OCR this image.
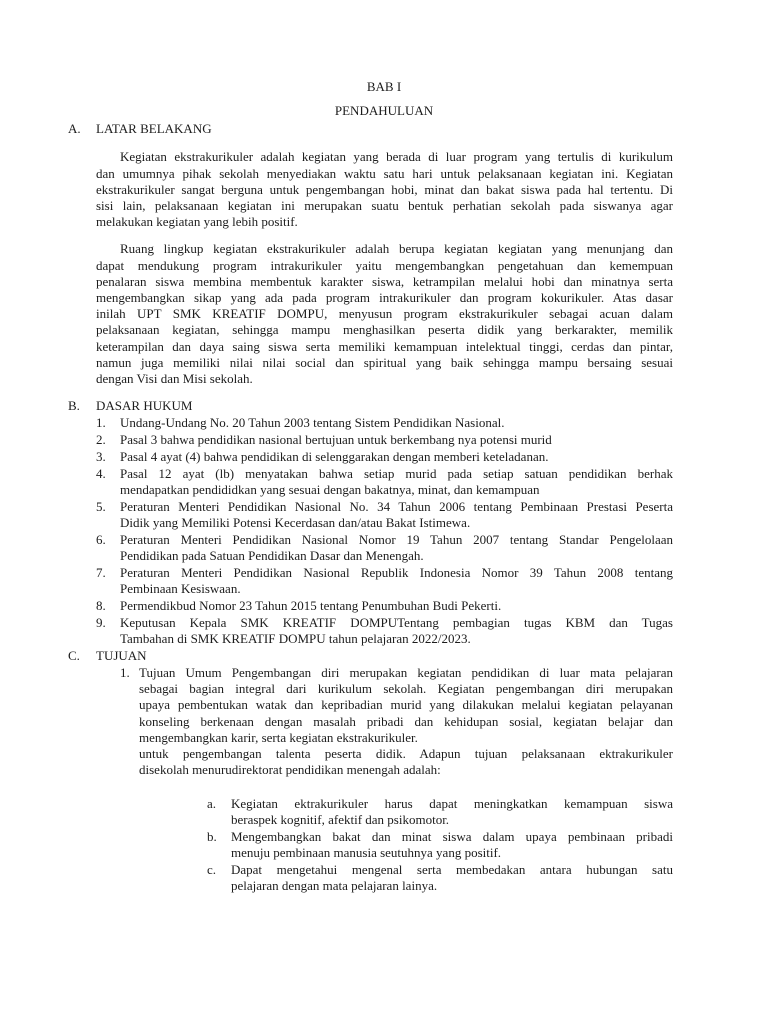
BAB I
PENDAHULUAN
A. LATAR BELAKANG
Kegiatan ekstrakurikuler adalah kegiatan yang berada di luar program yang tertulis di kurikulum
dan umumnya pihak sekolah menyediakan waktu satu hari untuk pelaksanaan kegiatan ini. Kegiatan
ekstrakurikuler sangat berguna untuk pengembangan hobi, minat dan bakat siswa pada hal tertentu. Di
sisi lain, pelaksanaan kegiatan ini merupakan suatu bentuk perhatian sekolah pada siswanya agar
melakukan kegiatan yang lebih positif.
Ruang lingkup kegiatan ekstrakurikuler adalah berupa kegiatan kegiatan yang menunjang dan
dapat mendukung program intrakurikuler yaitu mengembangkan pengetahuan dan kemempuan
penalaran siswa membina membentuk karakter siswa, ketrampilan melalui hobi dan minatnya serta
mengembangkan sikap yang ada pada program intrakurikuler dan program kokurikuler. Atas dasar
inilah UPT SMK KREATIF DOMPU, menyusun program ekstrakurikuler sebagai acuan dalam
pelaksanaan kegiatan, sehingga mampu menghasilkan peserta didik yang berkarakter, memilik
keterampilan dan daya saing siswa serta memiliki kemampuan intelektual tinggi, cerdas dan pintar,
namun juga memiliki nilai nilai social dan spiritual yang baik sehingga mampu bersaing sesuai
dengan Visi dan Misi sekolah.
B. DASAR HUKUM
1. Undang-Undang No. 20 Tahun 2003 tentang Sistem Pendidikan Nasional.
2. Pasal 3 bahwa pendidikan nasional bertujuan untuk berkembang nya potensi murid
3. Pasal 4 ayat (4) bahwa pendidikan di selenggarakan dengan memberi keteladanan.
4. Pasal 12 ayat (lb) menyatakan bahwa setiap murid pada setiap satuan pendidikan berhak
mendapatkan pendididkan yang sesuai dengan bakatnya, minat, dan kemampuan
5. Peraturan Menteri Pendidikan Nasional No. 34 Tahun 2006 tentang Pembinaan Prestasi Peserta
Didik yang Memiliki Potensi Kecerdasan dan/atau Bakat Istimewa.
6. Peraturan Menteri Pendidikan Nasional Nomor 19 Tahun 2007 tentang Standar Pengelolaan
Pendidikan pada Satuan Pendidikan Dasar dan Menengah.
7. Peraturan Menteri Pendidikan Nasional Republik Indonesia Nomor 39 Tahun 2008 tentang
Pembinaan Kesiswaan.
8. Permendikbud Nomor 23 Tahun 2015 tentang Penumbuhan Budi Pekerti.
9. Keputusan Kepala SMK KREATIF DOMPUTentang pembagian tugas KBM dan Tugas
Tambahan di SMK KREATIF DOMPU tahun pelajaran 2022/2023.
C. TUJUAN
1. Tujuan Umum Pengembangan diri merupakan kegiatan pendidikan di luar mata pelajaran
sebagai bagian integral dari kurikulum sekolah. Kegiatan pengembangan diri merupakan
upaya pembentukan watak dan kepribadian murid yang dilakukan melalui kegiatan pelayanan
konseling berkenaan dengan masalah pribadi dan kehidupan sosial, kegiatan belajar dan
mengembangkan karir, serta kegiatan ekstrakurikuler.
untuk pengembangan talenta peserta didik. Adapun tujuan pelaksanaan ektrakurikuler
disekolah menurudirektorat pendidikan menengah adalah:
a. Kegiatan ektrakurikuler harus dapat meningkatkan kemampuan siswa
beraspek kognitif, afektif dan psikomotor.
b. Mengembangkan bakat dan minat siswa dalam upaya pembinaan pribadi
menuju pembinaan manusia seutuhnya yang positif.
c. Dapat mengetahui mengenal serta membedakan antara hubungan satu
pelajaran dengan mata pelajaran lainya.
